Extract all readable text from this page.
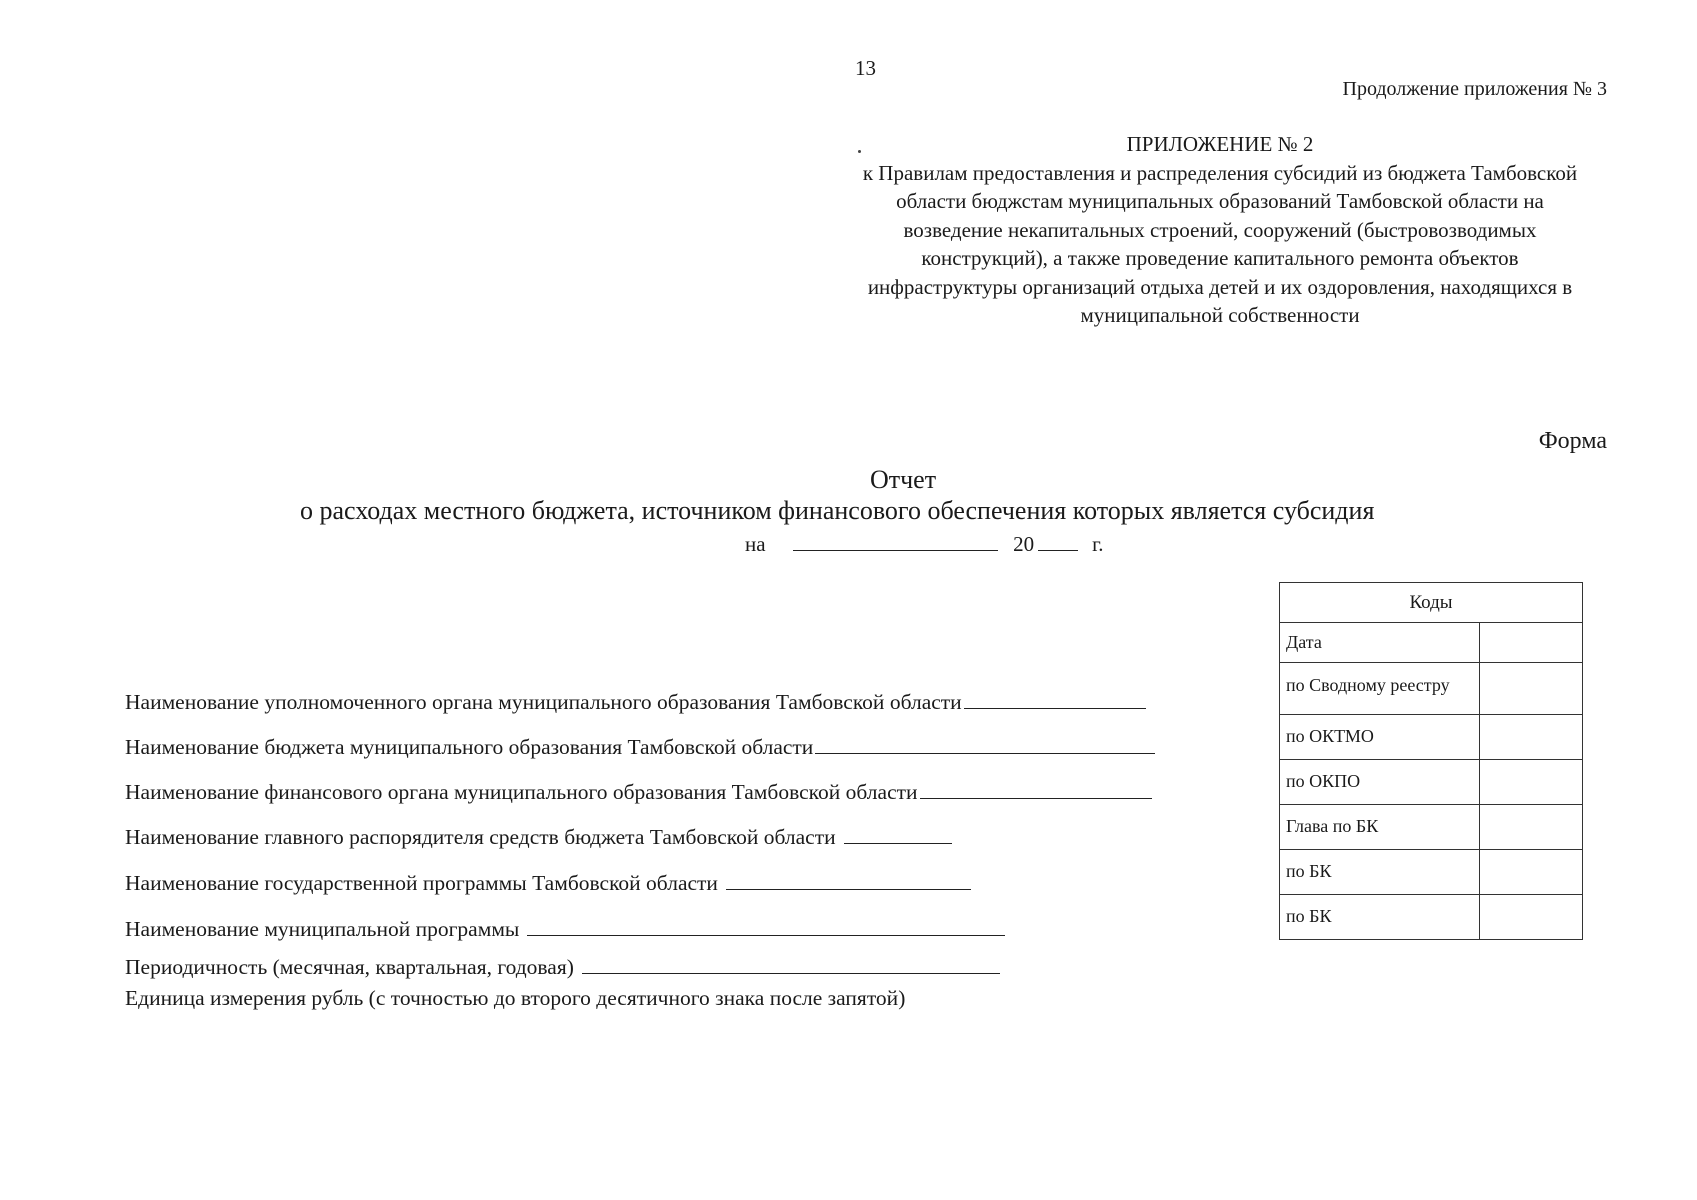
13
Продолжение приложения № 3
ПРИЛОЖЕНИЕ № 2
к Правилам предоставления и распределения субсидий из бюджета Тамбовской
области бюджстам муниципальных образований Тамбовской области на
возведение некапитальных строений, сооружений (быстровозводимых
конструкций), а также проведение капитального ремонта объектов
инфраструктуры организаций отдыха детей и их оздоровления, находящихся в
муниципальной собственности
Форма
Отчет
о расходах местного бюджета, источником финансового обеспечения которых является субсидия
на	20	г.
Наименование уполномоченного органа муниципального образования Тамбовской области
Наименование бюджета муниципального образования Тамбовской области
Наименование финансового органа муниципального образования Тамбовской области
Наименование главного распорядителя средств бюджета Тамбовской области
Наименование государственной программы Тамбовской области
Наименование муниципальной программы
Периодичность (месячная, квартальная, годовая)
Единица измерения рубль (с точностью до второго десятичного знака после запятой)
Коды	
Дата	
по Сводному реестру	
по ОКТМО	
по ОКПО	
Глава по БК	
по БК	
по БК	
